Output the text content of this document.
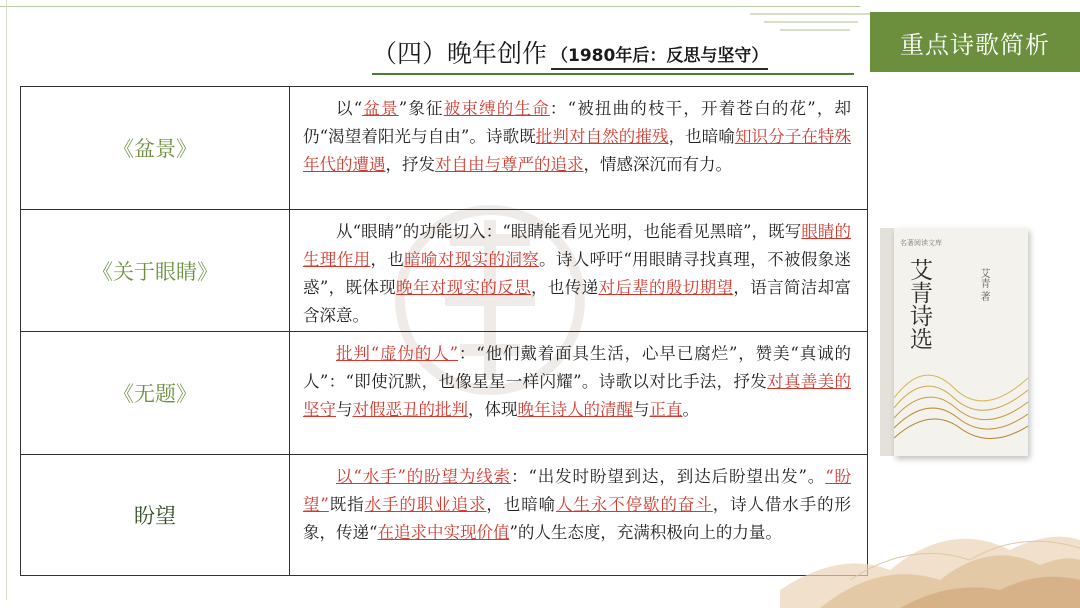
（四）晚年创作 （1980年后：反思与坚守）	重点诗歌简析
《盆景》
以“盆景”象征被束缚的生命：“被扭曲的枝干，开着苍白的花”，却仍“渴望着阳光与自由”。诗歌既批判对自然的摧残，也暗喻知识分子在特殊年代的遭遇，抒发对自由与尊严的追求，情感深沉而有力。
《关于眼睛》
从“眼睛”的功能切入：“眼睛能看见光明，也能看见黑暗”，既写眼睛的生理作用，也暗喻对现实的洞察。诗人呼吁“用眼睛寻找真理，不被假象迷惑”，既体现晚年对现实的反思，也传递对后辈的殷切期望，语言简洁却富含深意。
《无题》
批判“虚伪的人”：“他们戴着面具生活，心早已腐烂”，赞美“真诚的人”：“即使沉默，也像星星一样闪耀”。诗歌以对比手法，抒发对真善美的坚守与对假恶丑的批判，体现晚年诗人的清醒与正直。
盼望
以“水手”的盼望为线索：“出发时盼望到达，到达后盼望出发”。“盼望”既指水手的职业追求，也暗喻人生永不停歇的奋斗，诗人借水手的形象，传递“在追求中实现价值”的人生态度，充满积极向上的力量。
名著阅读文库
艾青诗选	艾青 著
